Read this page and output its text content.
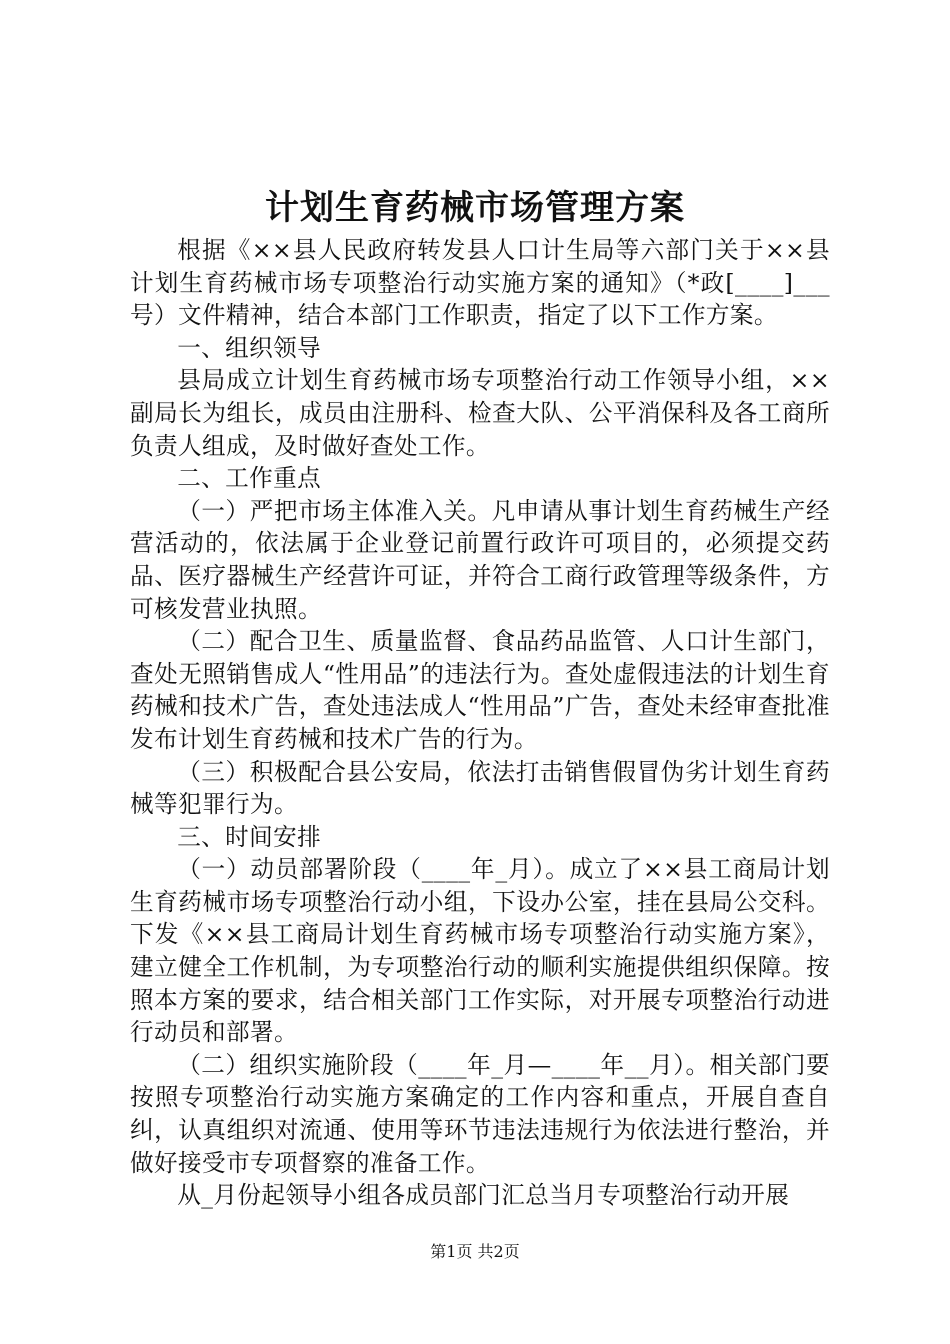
计划生育药械市场管理方案

根据《××县人民政府转发县人口计生局等六部门关于××县计划生育药械市场专项整治行动实施方案的通知》（*政[____]___号）文件精神，结合本部门工作职责，指定了以下工作方案。

一、组织领导

县局成立计划生育药械市场专项整治行动工作领导小组，××副局长为组长，成员由注册科、检查大队、公平消保科及各工商所负责人组成，及时做好查处工作。

二、工作重点

（一）严把市场主体准入关。凡申请从事计划生育药械生产经营活动的，依法属于企业登记前置行政许可项目的，必须提交药品、医疗器械生产经营许可证，并符合工商行政管理等级条件，方可核发营业执照。

（二）配合卫生、质量监督、食品药品监管、人口计生部门，查处无照销售成人“性用品”的违法行为。查处虚假违法的计划生育药械和技术广告，查处违法成人“性用品”广告，查处未经审查批准发布计划生育药械和技术广告的行为。

（三）积极配合县公安局，依法打击销售假冒伪劣计划生育药械等犯罪行为。

三、时间安排

（一）动员部署阶段（____年_月）。成立了××县工商局计划生育药械市场专项整治行动小组，下设办公室，挂在县局公交科。下发《××县工商局计划生育药械市场专项整治行动实施方案》，建立健全工作机制，为专项整治行动的顺利实施提供组织保障。按照本方案的要求，结合相关部门工作实际，对开展专项整治行动进行动员和部署。

（二）组织实施阶段（____年_月—____年__月）。相关部门要按照专项整治行动实施方案确定的工作内容和重点，开展自查自纠，认真组织对流通、使用等环节违法违规行为依法进行整治，并做好接受市专项督察的准备工作。

从_月份起领导小组各成员部门汇总当月专项整治行动开展

第1页 共2页
